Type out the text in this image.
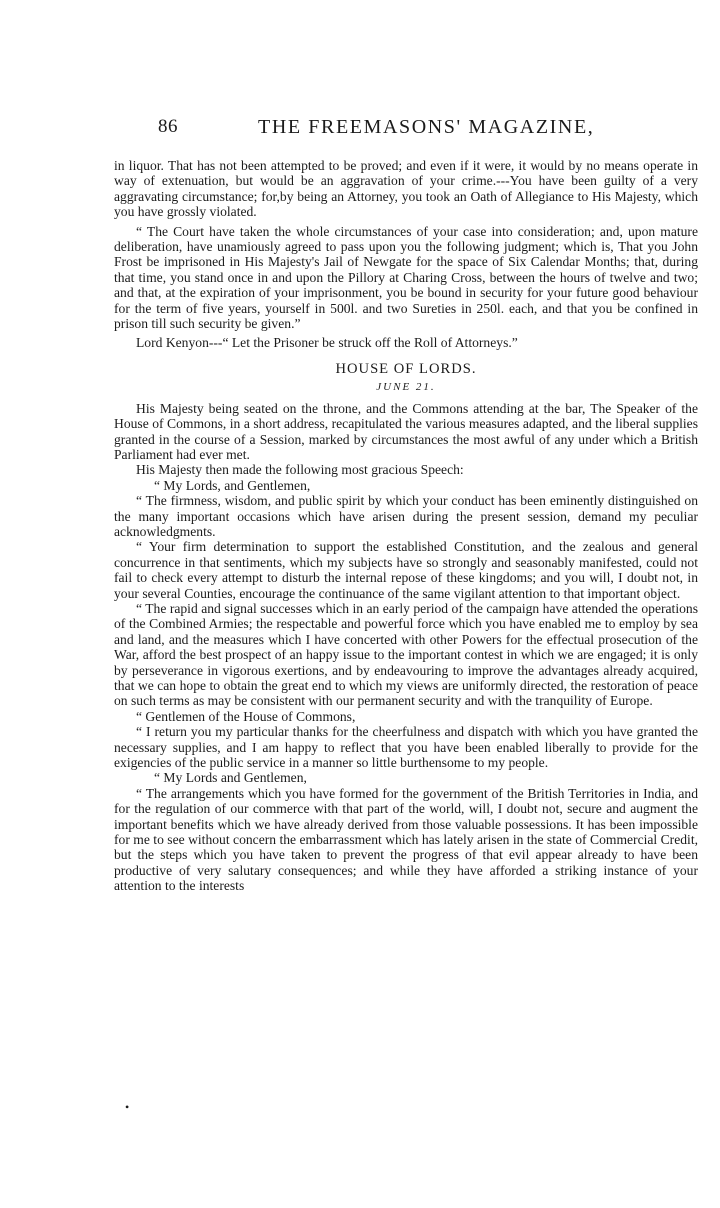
86	THE FREEMASONS' MAGAZINE,

in liquor. That has not been attempted to be proved; and even if it were, it would by no means operate in way of extenuation, but would be an aggravation of your crime.---You have been guilty of a very aggravating circumstance; for,by being an Attorney, you took an Oath of Allegiance to His Majesty, which you have grossly violated.

“ The Court have taken the whole circumstances of your case into consideration; and, upon mature deliberation, have unamiously agreed to pass upon you the following judgment; which is, That you John Frost be imprisoned in His Majesty's Jail of Newgate for the space of Six Calendar Months; that, during that time, you stand once in and upon the Pillory at Charing Cross, between the hours of twelve and two; and that, at the expiration of your imprisonment, you be bound in security for your future good behaviour for the term of five years, yourself in 500l. and two Sureties in 250l. each, and that you be confined in prison till such security be given.”

Lord Kenyon---“ Let the Prisoner be struck off the Roll of Attorneys.”

HOUSE OF LORDS.

JUNE 21.

His Majesty being seated on the throne, and the Commons attending at the bar, The Speaker of the House of Commons, in a short address, recapitulated the various measures adapted, and the liberal supplies granted in the course of a Session, marked by circumstances the most awful of any under which a British Parliament had ever met.

His Majesty then made the following most gracious Speech:

“ My Lords, and Gentlemen,

“ The firmness, wisdom, and public spirit by which your conduct has been eminently distinguished on the many important occasions which have arisen during the present session, demand my peculiar acknowledgments.

“ Your firm determination to support the established Constitution, and the zealous and general concurrence in that sentiments, which my subjects have so strongly and seasonably manifested, could not fail to check every attempt to disturb the internal repose of these kingdoms; and you will, I doubt not, in your several Counties, encourage the continuance of the same vigilant attention to that important object.

“ The rapid and signal successes which in an early period of the campaign have attended the operations of the Combined Armies; the respectable and powerful force which you have enabled me to employ by sea and land, and the measures which I have concerted with other Powers for the effectual prosecution of the War, afford the best prospect of an happy issue to the important contest in which we are engaged; it is only by perseverance in vigorous exertions, and by endeavouring to improve the advantages already acquired, that we can hope to obtain the great end to which my views are uniformly directed, the restoration of peace on such terms as may be consistent with our permanent security and with the tranquility of Europe.

“ Gentlemen of the House of Commons,

“ I return you my particular thanks for the cheerfulness and dispatch with which you have granted the necessary supplies, and I am happy to reflect that you have been enabled liberally to provide for the exigencies of the public service in a manner so little burthensome to my people.

“ My Lords and Gentlemen,

“ The arrangements which you have formed for the government of the British Territories in India, and for the regulation of our commerce with that part of the world, will, I doubt not, secure and augment the important benefits which we have already derived from those valuable possessions. It has been impossible for me to see without concern the embarrassment which has lately arisen in the state of Commercial Credit, but the steps which you have taken to prevent the progress of that evil appear already to have been productive of very salutary consequences; and while they have afforded a striking instance of your attention to the interests

•
